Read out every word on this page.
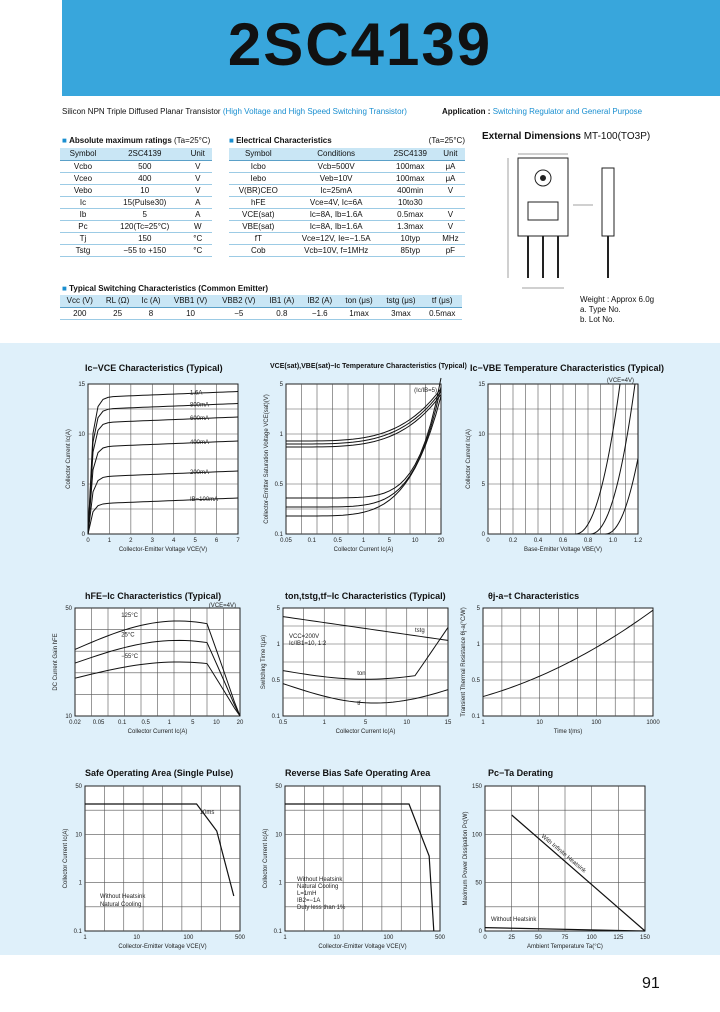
2SC4139
Silicon NPN Triple Diffused Planar Transistor (High Voltage and High Speed Switching Transistor)	Application : Switching Regulator and General Purpose
■ Absolute maximum ratings (Ta=25°C)
Symbol	2SC4139	Unit
Vcbo	500	V
Vceo	400	V
Vebo	10	V
Ic	15(Pulse30)	A
Ib	5	A
Pc	120(Tc=25°C)	W
Tj	150	°C
Tstg	−55 to +150	°C
■ Electrical Characteristics	(Ta=25°C)
Symbol	Conditions	2SC4139	Unit
Icbo	Vcb=500V	100max	μA
Iebo	Veb=10V	100max	μA
V(BR)CEO	Ic=25mA	400min	V
hFE	Vce=4V, Ic=6A	10to30	
VCE(sat)	Ic=8A, Ib=1.6A	0.5max	V
VBE(sat)	Ic=8A, Ib=1.6A	1.3max	V
fT	Vce=12V, Ie=−1.5A	10typ	MHz
Cob	Vcb=10V, f=1MHz	85typ	pF
■ Typical Switching Characteristics (Common Emitter)
Vcc (V)	RL (Ω)	Ic (A)	VBB1 (V)	VBB2 (V)	IB1 (A)	IB2 (A)	ton (μs)	tstg (μs)	tf (μs)
200	25	8	10	−5	0.8	−1.6	1max	3max	0.5max
External Dimensions MT-100(TO3P)
Weight : Approx 6.0g
a. Type No.
b. Lot No.
Ic−VCE Characteristics (Typical)	VCE(sat),VBE(sat)−Ic Temperature Characteristics (Typical) Ic−VBE Temperature Characteristics (Typical)
hFE−Ic Characteristics (Typical)	ton,tstg,tf−Ic Characteristics (Typical)	θj-a−t Characteristics
Safe Operating Area (Single Pulse)	Reverse Bias Safe Operating Area	Pc−Ta Derating
0	1	2	3	4	5	6	7
0
5
10
15
Collector-Emitter Voltage VCE(V)
Collector Current Ic(A)
1.6A
800mA
600mA
400mA
200mA
IB=100mA
0.05	0.1	0.5	1	5	10	20
0.1
0.5
1
5
Collector Current Ic(A)
Collector-Emitter Saturation Voltage VCE(sat)(V)
(Ic/IB=5)
0	0.2	0.4	0.6	0.8	1.0	1.2
0
5
10
15
Base-Emitter Voltage VBE(V)
Collector Current Ic(A)
(VCE=4V)
0.02 0.05 0.1	0.5	1	5	10	20
10
50
Collector Current Ic(A)
DC Current Gain hFE
(VCE=4V)
125°C
25°C
−55°C
0.5	1	5	10	15
0.1
0.5
1
5
Collector Current Ic(A)
Switching Time t(μs)	VCC=200V
Ic/IB1=10, 1:2
tstg
ton
tf
1	10	100	1000
0.1
0.5
1
5
Time t(ms)
Transient Thermal Resistance θj-a(°C/W)
1	10	100	500
0.1
1
10
50
Collector-Emitter Voltage VCE(V)
Collector Current Ic(A)
10ms
Without Heatsink
Natural Cooling
1	10	100	500
0.1
1
10
50
Collector-Emitter Voltage VCE(V)
Collector Current Ic(A)	Without Heatsink
Natural Cooling
L=1mH
IB2=−1A
Duty less than 1%
0	25	50	75	100	125	150
0
50
100
150
Ambient Temperature Ta(°C)
Maximum Power Dissipation Pc(W)	With Infinite Heatsink
Without Heatsink
91
